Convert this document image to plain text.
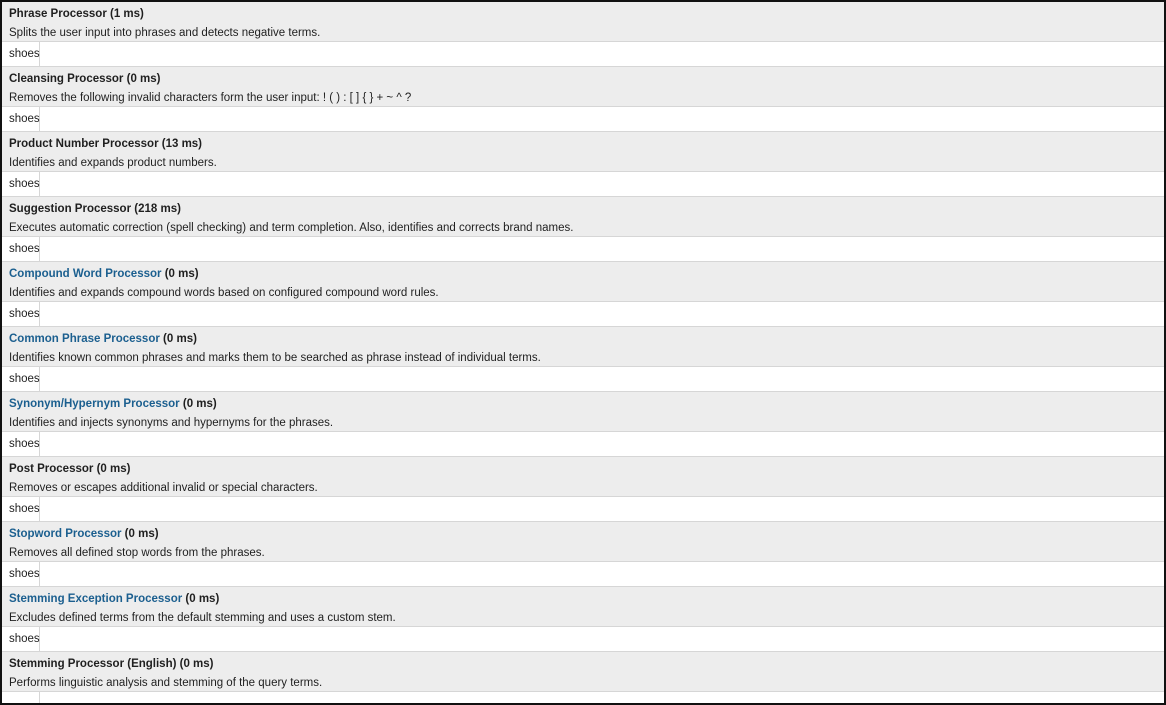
Phrase Processor (1 ms)
Splits the user input into phrases and detects negative terms.
shoes
Cleansing Processor (0 ms)
Removes the following invalid characters form the user input: ! ( ) : [ ] { } + ~ ^ ?
shoes
Product Number Processor (13 ms)
Identifies and expands product numbers.
shoes
Suggestion Processor (218 ms)
Executes automatic correction (spell checking) and term completion. Also, identifies and corrects brand names.
shoes
Compound Word Processor (0 ms)
Identifies and expands compound words based on configured compound word rules.
shoes
Common Phrase Processor (0 ms)
Identifies known common phrases and marks them to be searched as phrase instead of individual terms.
shoes
Synonym/Hypernym Processor (0 ms)
Identifies and injects synonyms and hypernyms for the phrases.
shoes
Post Processor (0 ms)
Removes or escapes additional invalid or special characters.
shoes
Stopword Processor (0 ms)
Removes all defined stop words from the phrases.
shoes
Stemming Exception Processor (0 ms)
Excludes defined terms from the default stemming and uses a custom stem.
shoes
Stemming Processor (English) (0 ms)
Performs linguistic analysis and stemming of the query terms.
